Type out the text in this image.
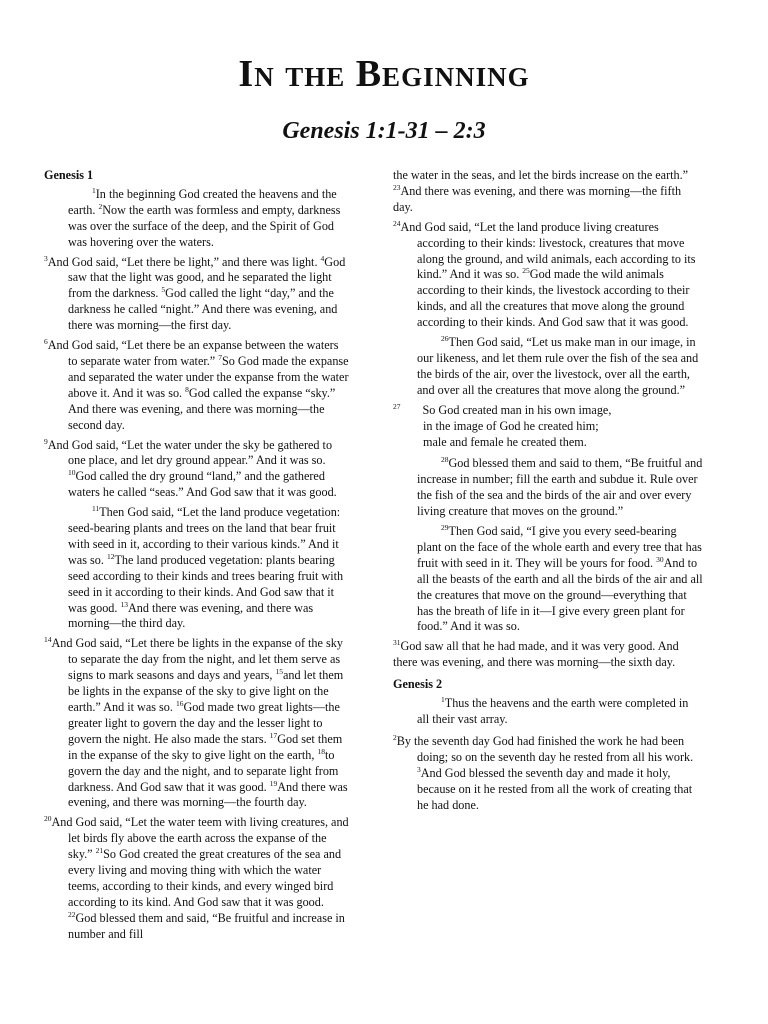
In the Beginning
Genesis 1:1-31 – 2:3
Genesis 1

$^1$In the beginning God created the heavens and the earth. $^2$Now the earth was formless and empty, darkness was over the surface of the deep, and the Spirit of God was hovering over the waters.

$^3$And God said, “Let there be light,” and there was light. $^4$God saw that the light was good, and he separated the light from the darkness. $^5$God called the light “day,” and the darkness he called “night.” And there was evening, and there was morning—the first day.

$^6$And God said, “Let there be an expanse between the waters to separate water from water.” $^7$So God made the expanse and separated the water under the expanse from the water above it. And it was so. $^8$God called the expanse “sky.” And there was evening, and there was morning—the second day.

$^9$And God said, “Let the water under the sky be gathered to one place, and let dry ground appear.” And it was so. $^{10}$God called the dry ground “land,” and the gathered waters he called “seas.” And God saw that it was good.

$^{11}$Then God said, “Let the land produce vegetation: seed-bearing plants and trees on the land that bear fruit with seed in it, according to their various kinds.” And it was so. $^{12}$The land produced vegetation: plants bearing seed according to their kinds and trees bearing fruit with seed in it according to their kinds. And God saw that it was good. $^{13}$And there was evening, and there was morning—the third day.

$^{14}$And God said, “Let there be lights in the expanse of the sky to separate the day from the night, and let them serve as signs to mark seasons and days and years, $^{15}$and let them be lights in the expanse of the sky to give light on the earth.” And it was so. $^{16}$God made two great lights—the greater light to govern the day and the lesser light to govern the night. He also made the stars. $^{17}$God set them in the expanse of the sky to give light on the earth, $^{18}$to govern the day and the night, and to separate light from darkness. And God saw that it was good. $^{19}$And there was evening, and there was morning—the fourth day.

$^{20}$And God said, “Let the water teem with living creatures, and let birds fly above the earth across the expanse of the sky.” $^{21}$So God created the great creatures of the sea and every living and moving thing with which the water teems, according to their kinds, and every winged bird according to its kind. And God saw that it was good. $^{22}$God blessed them and said, “Be fruitful and increase in number and fill

the water in the seas, and let the birds increase on the earth.” $^{23}$And there was evening, and there was morning—the fifth day.

$^{24}$And God said, “Let the land produce living creatures according to their kinds: livestock, creatures that move along the ground, and wild animals, each according to its kind.” And it was so. $^{25}$God made the wild animals according to their kinds, the livestock according to their kinds, and all the creatures that move along the ground according to their kinds. And God saw that it was good.

$^{26}$Then God said, “Let us make man in our image, in our likeness, and let them rule over the fish of the sea and the birds of the air, over the livestock, over all the earth, and over all the creatures that move along the ground.”

$^{27}$ So God created man in his own image,
in the image of God he created him;
male and female he created them.

$^{28}$God blessed them and said to them, “Be fruitful and increase in number; fill the earth and subdue it. Rule over the fish of the sea and the birds of the air and over every living creature that moves on the ground.”

$^{29}$Then God said, “I give you every seed-bearing plant on the face of the whole earth and every tree that has fruit with seed in it. They will be yours for food. $^{30}$And to all the beasts of the earth and all the birds of the air and all the creatures that move on the ground—everything that has the breath of life in it—I give every green plant for food.” And it was so.

$^{31}$God saw all that he had made, and it was very good. And there was evening, and there was morning—the sixth day.

Genesis 2

$^1$Thus the heavens and the earth were completed in all their vast array.

$^2$By the seventh day God had finished the work he had been doing; so on the seventh day he rested from all his work. $^3$And God blessed the seventh day and made it holy, because on it he rested from all the work of creating that he had done.
